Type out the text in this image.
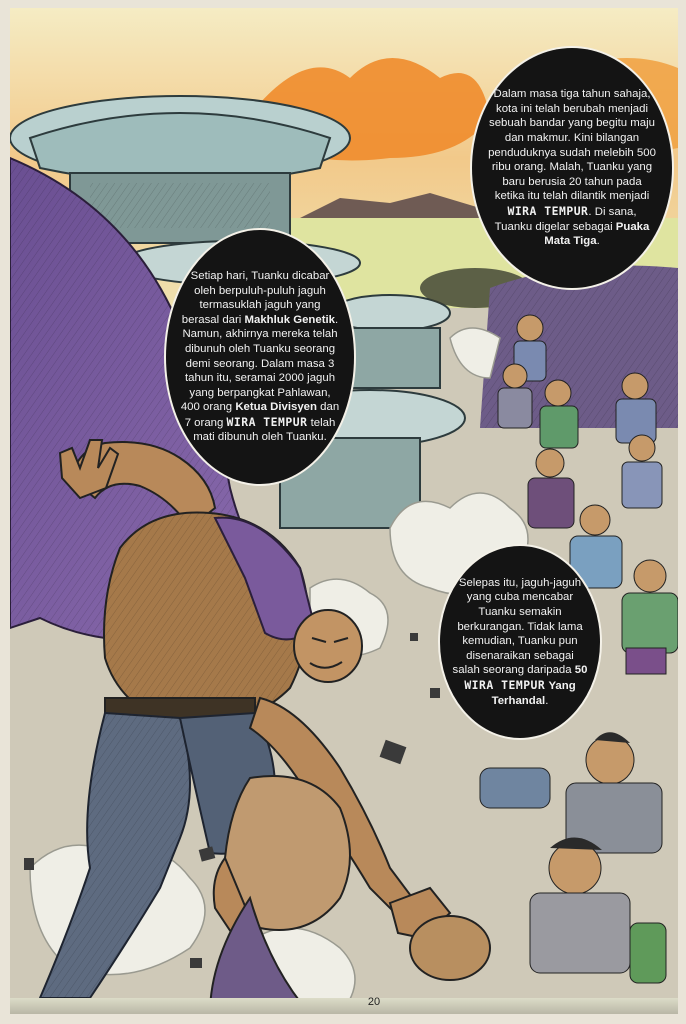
Dalam masa tiga tahun sahaja, kota ini telah berubah menjadi sebuah bandar yang begitu maju dan makmur. Kini bilangan penduduknya sudah melebih 500 ribu orang. Malah, Tuanku yang baru berusia 20 tahun pada ketika itu telah dilantik menjadi WIRA TEMPUR. Di sana, Tuanku digelar sebagai Puaka Mata Tiga.

Setiap hari, Tuanku dicabar oleh berpuluh-puluh jaguh termasuklah jaguh yang berasal dari Makhluk Genetik. Namun, akhirnya mereka telah dibunuh oleh Tuanku seorang demi seorang. Dalam masa 3 tahun itu, seramai 2000 jaguh yang berpangkat Pahlawan, 400 orang Ketua Divisyen dan 7 orang WIRA TEMPUR telah mati dibunuh oleh Tuanku.

Selepas itu, jaguh-jaguh yang cuba mencabar Tuanku semakin berkurangan. Tidak lama kemudian, Tuanku pun disenaraikan sebagai salah seorang daripada 50 WIRA TEMPUR Yang Terhandal.

20
